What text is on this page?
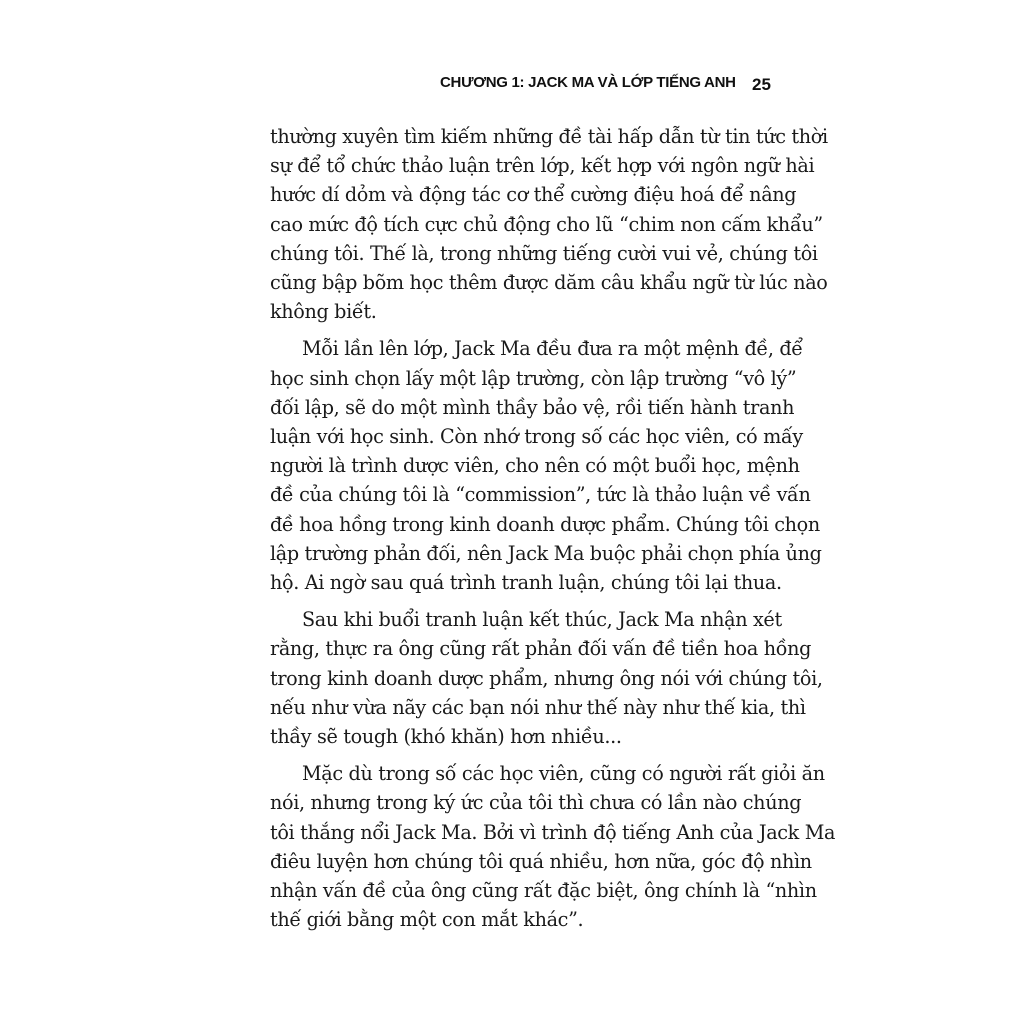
CHƯƠNG 1: JACK MA VÀ LỚP TIẾNG ANH 25

thường xuyên tìm kiếm những đề tài hấp dẫn từ tin tức thời
sự để tổ chức thảo luận trên lớp, kết hợp với ngôn ngữ hài
hước dí dỏm và động tác cơ thể cường điệu hoá để nâng
cao mức độ tích cực chủ động cho lũ “chim non cấm khẩu”
chúng tôi. Thế là, trong những tiếng cười vui vẻ, chúng tôi
cũng bập bõm học thêm được dăm câu khẩu ngữ từ lúc nào
không biết.

Mỗi lần lên lớp, Jack Ma đều đưa ra một mệnh đề, để
học sinh chọn lấy một lập trường, còn lập trường “vô lý”
đối lập, sẽ do một mình thầy bảo vệ, rồi tiến hành tranh
luận với học sinh. Còn nhớ trong số các học viên, có mấy
người là trình dược viên, cho nên có một buổi học, mệnh
đề của chúng tôi là “commission”, tức là thảo luận về vấn
đề hoa hồng trong kinh doanh dược phẩm. Chúng tôi chọn
lập trường phản đối, nên Jack Ma buộc phải chọn phía ủng
hộ. Ai ngờ sau quá trình tranh luận, chúng tôi lại thua.

Sau khi buổi tranh luận kết thúc, Jack Ma nhận xét
rằng, thực ra ông cũng rất phản đối vấn đề tiền hoa hồng
trong kinh doanh dược phẩm, nhưng ông nói với chúng tôi,
nếu như vừa nãy các bạn nói như thế này như thế kia, thì
thầy sẽ tough (khó khăn) hơn nhiều...

Mặc dù trong số các học viên, cũng có người rất giỏi ăn
nói, nhưng trong ký ức của tôi thì chưa có lần nào chúng
tôi thắng nổi Jack Ma. Bởi vì trình độ tiếng Anh của Jack Ma
điêu luyện hơn chúng tôi quá nhiều, hơn nữa, góc độ nhìn
nhận vấn đề của ông cũng rất đặc biệt, ông chính là “nhìn
thế giới bằng một con mắt khác”.
